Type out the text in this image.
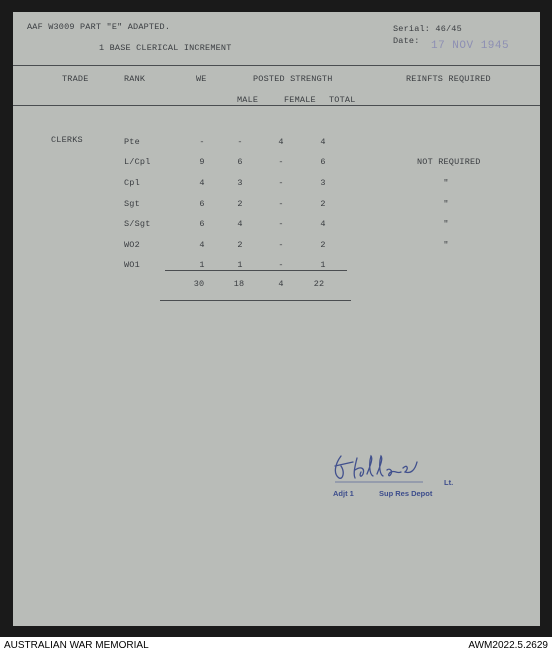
AAF W3009 PART "E" ADAPTED.
1 BASE CLERICAL INCREMENT
Serial: 46/45
Date: 17 NOV 1945
TRADE	RANK	WE	POSTED STRENGTH	REINFTS REQUIRED
MALE	FEMALE TOTAL
CLERKS	Pte	-	-	4	4
L/Cpl	9	6	-	6	NOT REQUIRED
Cpl	4	3	-	3	"
Sgt	6	2	-	2	"
S/Sgt	6	4	-	4	"
WO2	4	2	-	2	"
WO1	1	1	-	1
30	18	4	22
Lt.
Adjt 1	Sup Res Depot
AUSTRALIAN WAR MEMORIAL	AWM2022.5.2629
